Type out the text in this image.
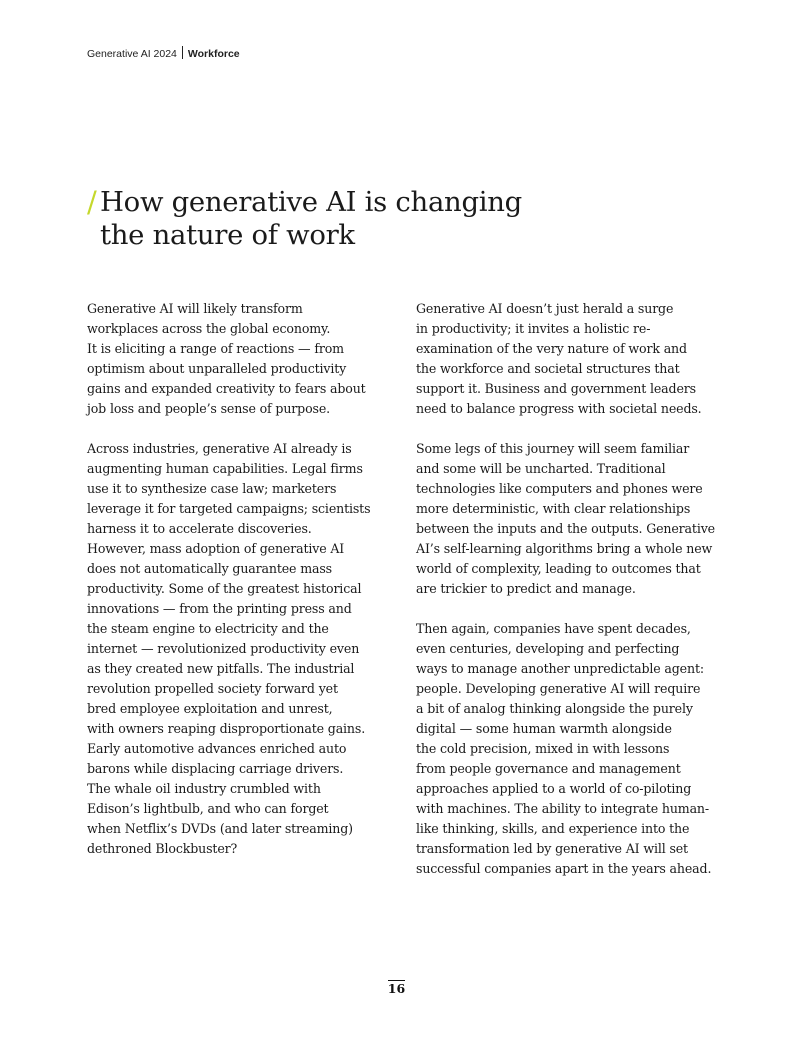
Generative AI 2024 Workforce
/ How generative AI is changing
the nature of work

Generative AI will likely transform
workplaces across the global economy.
It is eliciting a range of reactions — from
optimism about unparalleled productivity
gains and expanded creativity to fears about
job loss and people’s sense of purpose.

Across industries, generative AI already is
augmenting human capabilities. Legal firms
use it to synthesize case law; marketers
leverage it for targeted campaigns; scientists
harness it to accelerate discoveries.
However, mass adoption of generative AI
does not automatically guarantee mass
productivity. Some of the greatest historical
innovations — from the printing press and
the steam engine to electricity and the
internet — revolutionized productivity even
as they created new pitfalls. The industrial
revolution propelled society forward yet
bred employee exploitation and unrest,
with owners reaping disproportionate gains.
Early automotive advances enriched auto
barons while displacing carriage drivers.
The whale oil industry crumbled with
Edison’s lightbulb, and who can forget
when Netflix’s DVDs (and later streaming)
dethroned Blockbuster?

Generative AI doesn’t just herald a surge
in productivity; it invites a holistic re-
examination of the very nature of work and
the workforce and societal structures that
support it. Business and government leaders
need to balance progress with societal needs.

Some legs of this journey will seem familiar
and some will be uncharted. Traditional
technologies like computers and phones were
more deterministic, with clear relationships
between the inputs and the outputs. Generative
AI’s self-learning algorithms bring a whole new
world of complexity, leading to outcomes that
are trickier to predict and manage.

Then again, companies have spent decades,
even centuries, developing and perfecting
ways to manage another unpredictable agent:
people. Developing generative AI will require
a bit of analog thinking alongside the purely
digital — some human warmth alongside
the cold precision, mixed in with lessons
from people governance and management
approaches applied to a world of co-piloting
with machines. The ability to integrate human-
like thinking, skills, and experience into the
transformation led by generative AI will set
successful companies apart in the years ahead.

16
